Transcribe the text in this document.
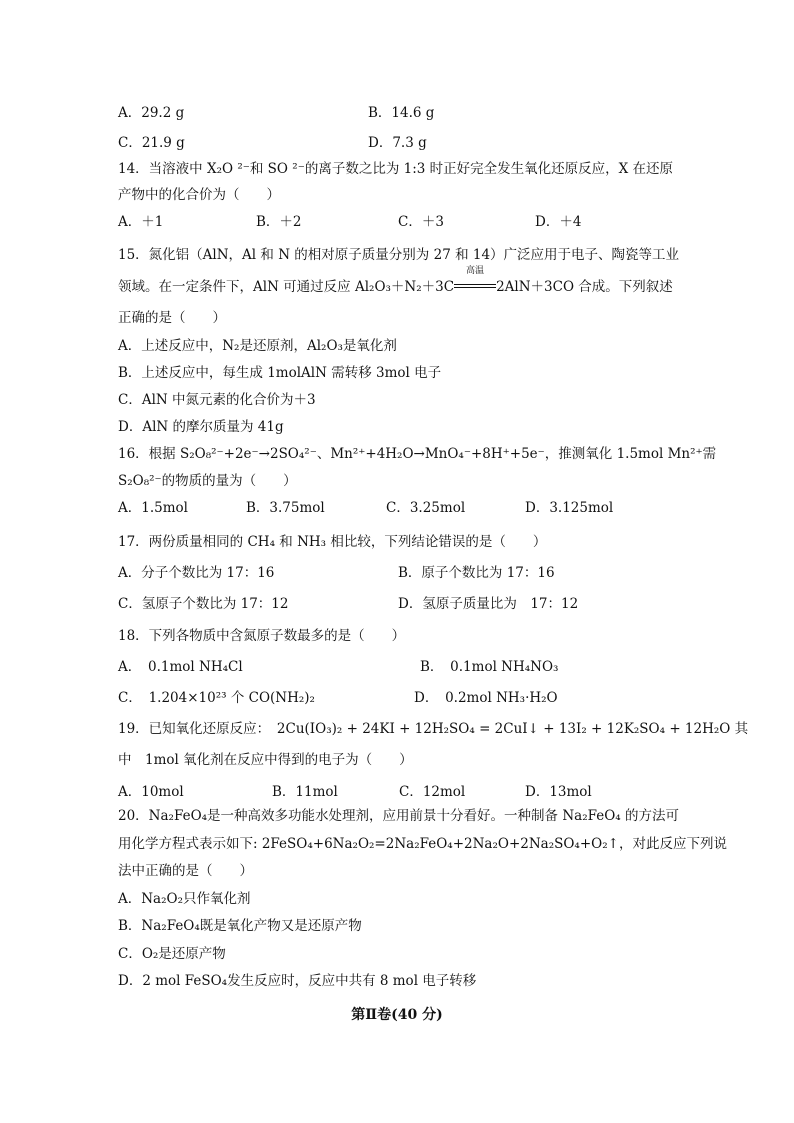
A．29.2 g	B．14.6 g
C．21.9 g	D．7.3 g
14．当溶液中 X₂O ²⁻和 SO ²⁻的离子数之比为 1:3 时正好完全发生氧化还原反应，X 在还原
产物中的化合价为（　　）
A．＋1	B．＋2	C．＋3	D．＋4
15．氮化铝（AlN，Al 和 N 的相对原子质量分别为 27 和 14）广泛应用于电子、陶瓷等工业
领域。在一定条件下，AlN 可通过反应 Al₂O₃＋N₂＋3C
高温
2AlN＋3CO 合成。下列叙述
正确的是（　　）
A．上述反应中，N₂是还原剂，Al₂O₃是氧化剂
B．上述反应中，每生成 1molAlN 需转移 3mol 电子
C．AlN 中氮元素的化合价为＋3
D．AlN 的摩尔质量为 41g
16．根据 S₂O₈²⁻+2e⁻→2SO₄²⁻、Mn²⁺+4H₂O→MnO₄⁻+8H⁺+5e⁻，推测氧化 1.5mol Mn²⁺需
S₂O₈²⁻的物质的量为（　　）
A．1.5mol	B．3.75mol	C．3.25mol	D．3.125mol
17．两份质量相同的 CH₄ 和 NH₃ 相比较，下列结论错误的是（　　）
A．分子个数比为 17：16	B．原子个数比为 17：16
C．氢原子个数比为 17：12	D．氢原子质量比为　17：12
18．下列各物质中含氮原子数最多的是（　　）
A．　0.1mol NH₄Cl	B．　0.1mol NH₄NO₃
C．　1.204×10²³ 个 CO(NH₂)₂	D．　0.2mol NH₃·H₂O
19．已知氧化还原反应：　2Cu(IO₃)₂ + 24KI + 12H₂SO₄ = 2CuI↓ + 13I₂ + 12K₂SO₄ + 12H₂O 其
中　1mol 氧化剂在反应中得到的电子为（　　）
A．10mol	B．11mol	C．12mol	D．13mol
20．Na₂FeO₄是一种高效多功能水处理剂，应用前景十分看好。一种制备 Na₂FeO₄ 的方法可
用化学方程式表示如下: 2FeSO₄+6Na₂O₂=2Na₂FeO₄+2Na₂O+2Na₂SO₄+O₂↑，对此反应下列说
法中正确的是（　　）
A．Na₂O₂只作氧化剂
B．Na₂FeO₄既是氧化产物又是还原产物
C．O₂是还原产物
D．2 mol FeSO₄发生反应时，反应中共有 8 mol 电子转移
第Ⅱ卷(40 分)
